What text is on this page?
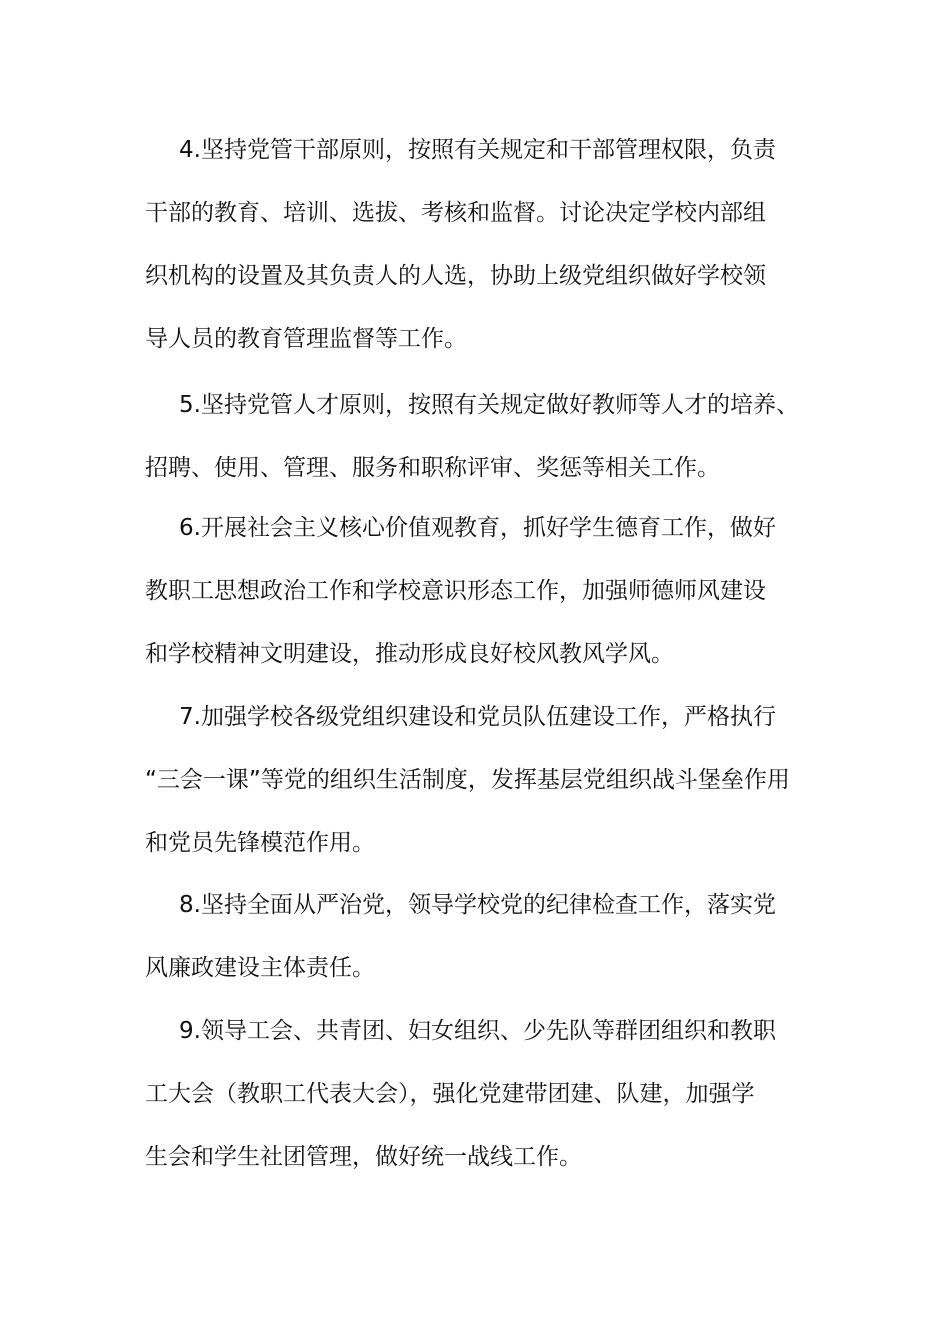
4.坚持党管干部原则，按照有关规定和干部管理权限，负责
干部的教育、培训、选拔、考核和监督。讨论决定学校内部组
织机构的设置及其负责人的人选，协助上级党组织做好学校领
导人员的教育管理监督等工作。

5.坚持党管人才原则，按照有关规定做好教师等人才的培养、
招聘、使用、管理、服务和职称评审、奖惩等相关工作。

6.开展社会主义核心价值观教育，抓好学生德育工作，做好
教职工思想政治工作和学校意识形态工作，加强师德师风建设
和学校精神文明建设，推动形成良好校风教风学风。

7.加强学校各级党组织建设和党员队伍建设工作，严格执行
“三会一课”等党的组织生活制度，发挥基层党组织战斗堡垒作用
和党员先锋模范作用。

8.坚持全面从严治党，领导学校党的纪律检查工作，落实党
风廉政建设主体责任。

9.领导工会、共青团、妇女组织、少先队等群团组织和教职
工大会（教职工代表大会），强化党建带团建、队建，加强学
生会和学生社团管理，做好统一战线工作。
